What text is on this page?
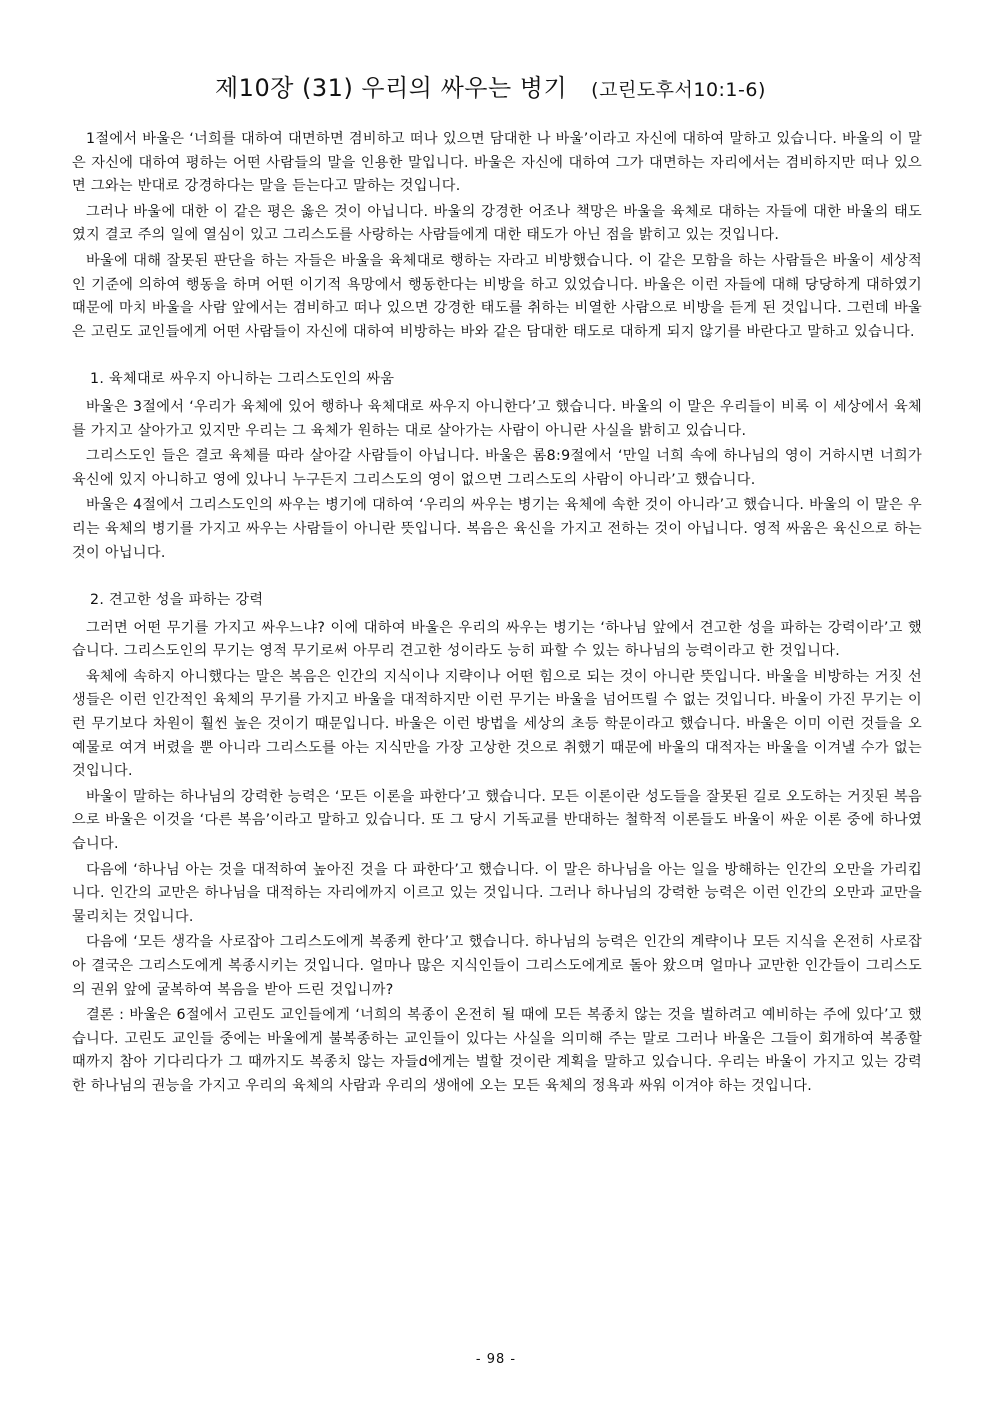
제10장 (31) 우리의 싸우는 병기 (고린도후서10:1-6)

1절에서 바울은 ‘너희를 대하여 대면하면 겸비하고 떠나 있으면 담대한 나 바울’이라고 자신에 대하여 말하고 있습니다. 바울의 이 말은 자신에 대하여 평하는 어떤 사람들의 말을 인용한 말입니다. 바울은 자신에 대하여 그가 대면하는 자리에서는 겸비하지만 떠나 있으면 그와는 반대로 강경하다는 말을 듣는다고 말하는 것입니다.

그러나 바울에 대한 이 같은 평은 옳은 것이 아닙니다. 바울의 강경한 어조나 책망은 바울을 육체로 대하는 자들에 대한 바울의 태도였지 결코 주의 일에 열심이 있고 그리스도를 사랑하는 사람들에게 대한 태도가 아닌 점을 밝히고 있는 것입니다.

바울에 대해 잘못된 판단을 하는 자들은 바울을 육체대로 행하는 자라고 비방했습니다. 이 같은 모함을 하는 사람들은 바울이 세상적인 기준에 의하여 행동을 하며 어떤 이기적 욕망에서 행동한다는 비방을 하고 있었습니다. 바울은 이런 자들에 대해 당당하게 대하였기 때문에 마치 바울을 사람 앞에서는 겸비하고 떠나 있으면 강경한 태도를 취하는 비열한 사람으로 비방을 듣게 된 것입니다. 그런데 바울은 고린도 교인들에게 어떤 사람들이 자신에 대하여 비방하는 바와 같은 담대한 태도로 대하게 되지 않기를 바란다고 말하고 있습니다.

1. 육체대로 싸우지 아니하는 그리스도인의 싸움

바울은 3절에서 ‘우리가 육체에 있어 행하나 육체대로 싸우지 아니한다’고 했습니다. 바울의 이 말은 우리들이 비록 이 세상에서 육체를 가지고 살아가고 있지만 우리는 그 육체가 원하는 대로 살아가는 사람이 아니란 사실을 밝히고 있습니다.

그리스도인 들은 결코 육체를 따라 살아갈 사람들이 아닙니다. 바울은 롬8:9절에서 ‘만일 너희 속에 하나님의 영이 거하시면 너희가 육신에 있지 아니하고 영에 있나니 누구든지 그리스도의 영이 없으면 그리스도의 사람이 아니라’고 했습니다.

바울은 4절에서 그리스도인의 싸우는 병기에 대하여 ‘우리의 싸우는 병기는 육체에 속한 것이 아니라’고 했습니다. 바울의 이 말은 우리는 육체의 병기를 가지고 싸우는 사람들이 아니란 뜻입니다. 복음은 육신을 가지고 전하는 것이 아닙니다. 영적 싸움은 육신으로 하는 것이 아닙니다.

2. 견고한 성을 파하는 강력

그러면 어떤 무기를 가지고 싸우느냐? 이에 대하여 바울은 우리의 싸우는 병기는 ‘하나님 앞에서 견고한 성을 파하는 강력이라’고 했습니다. 그리스도인의 무기는 영적 무기로써 아무리 견고한 성이라도 능히 파할 수 있는 하나님의 능력이라고 한 것입니다.

육체에 속하지 아니했다는 말은 복음은 인간의 지식이나 지략이나 어떤 힘으로 되는 것이 아니란 뜻입니다. 바울을 비방하는 거짓 선생들은 이런 인간적인 육체의 무기를 가지고 바울을 대적하지만 이런 무기는 바울을 넘어뜨릴 수 없는 것입니다. 바울이 가진 무기는 이런 무기보다 차원이 훨씬 높은 것이기 때문입니다. 바울은 이런 방법을 세상의 초등 학문이라고 했습니다. 바울은 이미 이런 것들을 오예물로 여겨 버렸을 뿐 아니라 그리스도를 아는 지식만을 가장 고상한 것으로 취했기 때문에 바울의 대적자는 바울을 이겨낼 수가 없는 것입니다.

바울이 말하는 하나님의 강력한 능력은 ‘모든 이론을 파한다’고 했습니다. 모든 이론이란 성도들을 잘못된 길로 오도하는 거짓된 복음으로 바울은 이것을 ‘다른 복음’이라고 말하고 있습니다. 또 그 당시 기독교를 반대하는 철학적 이론들도 바울이 싸운 이론 중에 하나였습니다.

다음에 ‘하나님 아는 것을 대적하여 높아진 것을 다 파한다’고 했습니다. 이 말은 하나님을 아는 일을 방해하는 인간의 오만을 가리킵니다. 인간의 교만은 하나님을 대적하는 자리에까지 이르고 있는 것입니다. 그러나 하나님의 강력한 능력은 이런 인간의 오만과 교만을 물리치는 것입니다.

다음에 ‘모든 생각을 사로잡아 그리스도에게 복종케 한다’고 했습니다. 하나님의 능력은 인간의 계략이나 모든 지식을 온전히 사로잡아 결국은 그리스도에게 복종시키는 것입니다. 얼마나 많은 지식인들이 그리스도에게로 돌아 왔으며 얼마나 교만한 인간들이 그리스도의 권위 앞에 굴복하여 복음을 받아 드린 것입니까?

결론 : 바울은 6절에서 고린도 교인들에게 ‘너희의 복종이 온전히 될 때에 모든 복종치 않는 것을 벌하려고 예비하는 주에 있다’고 했습니다. 고린도 교인들 중에는 바울에게 불복종하는 교인들이 있다는 사실을 의미해 주는 말로 그러나 바울은 그들이 회개하여 복종할 때까지 참아 기다리다가 그 때까지도 복종치 않는 자들d에게는 벌할 것이란 계획을 말하고 있습니다. 우리는 바울이 가지고 있는 강력한 하나님의 권능을 가지고 우리의 육체의 사람과 우리의 생애에 오는 모든 육체의 정욕과 싸워 이겨야 하는 것입니다.

- 98 -
